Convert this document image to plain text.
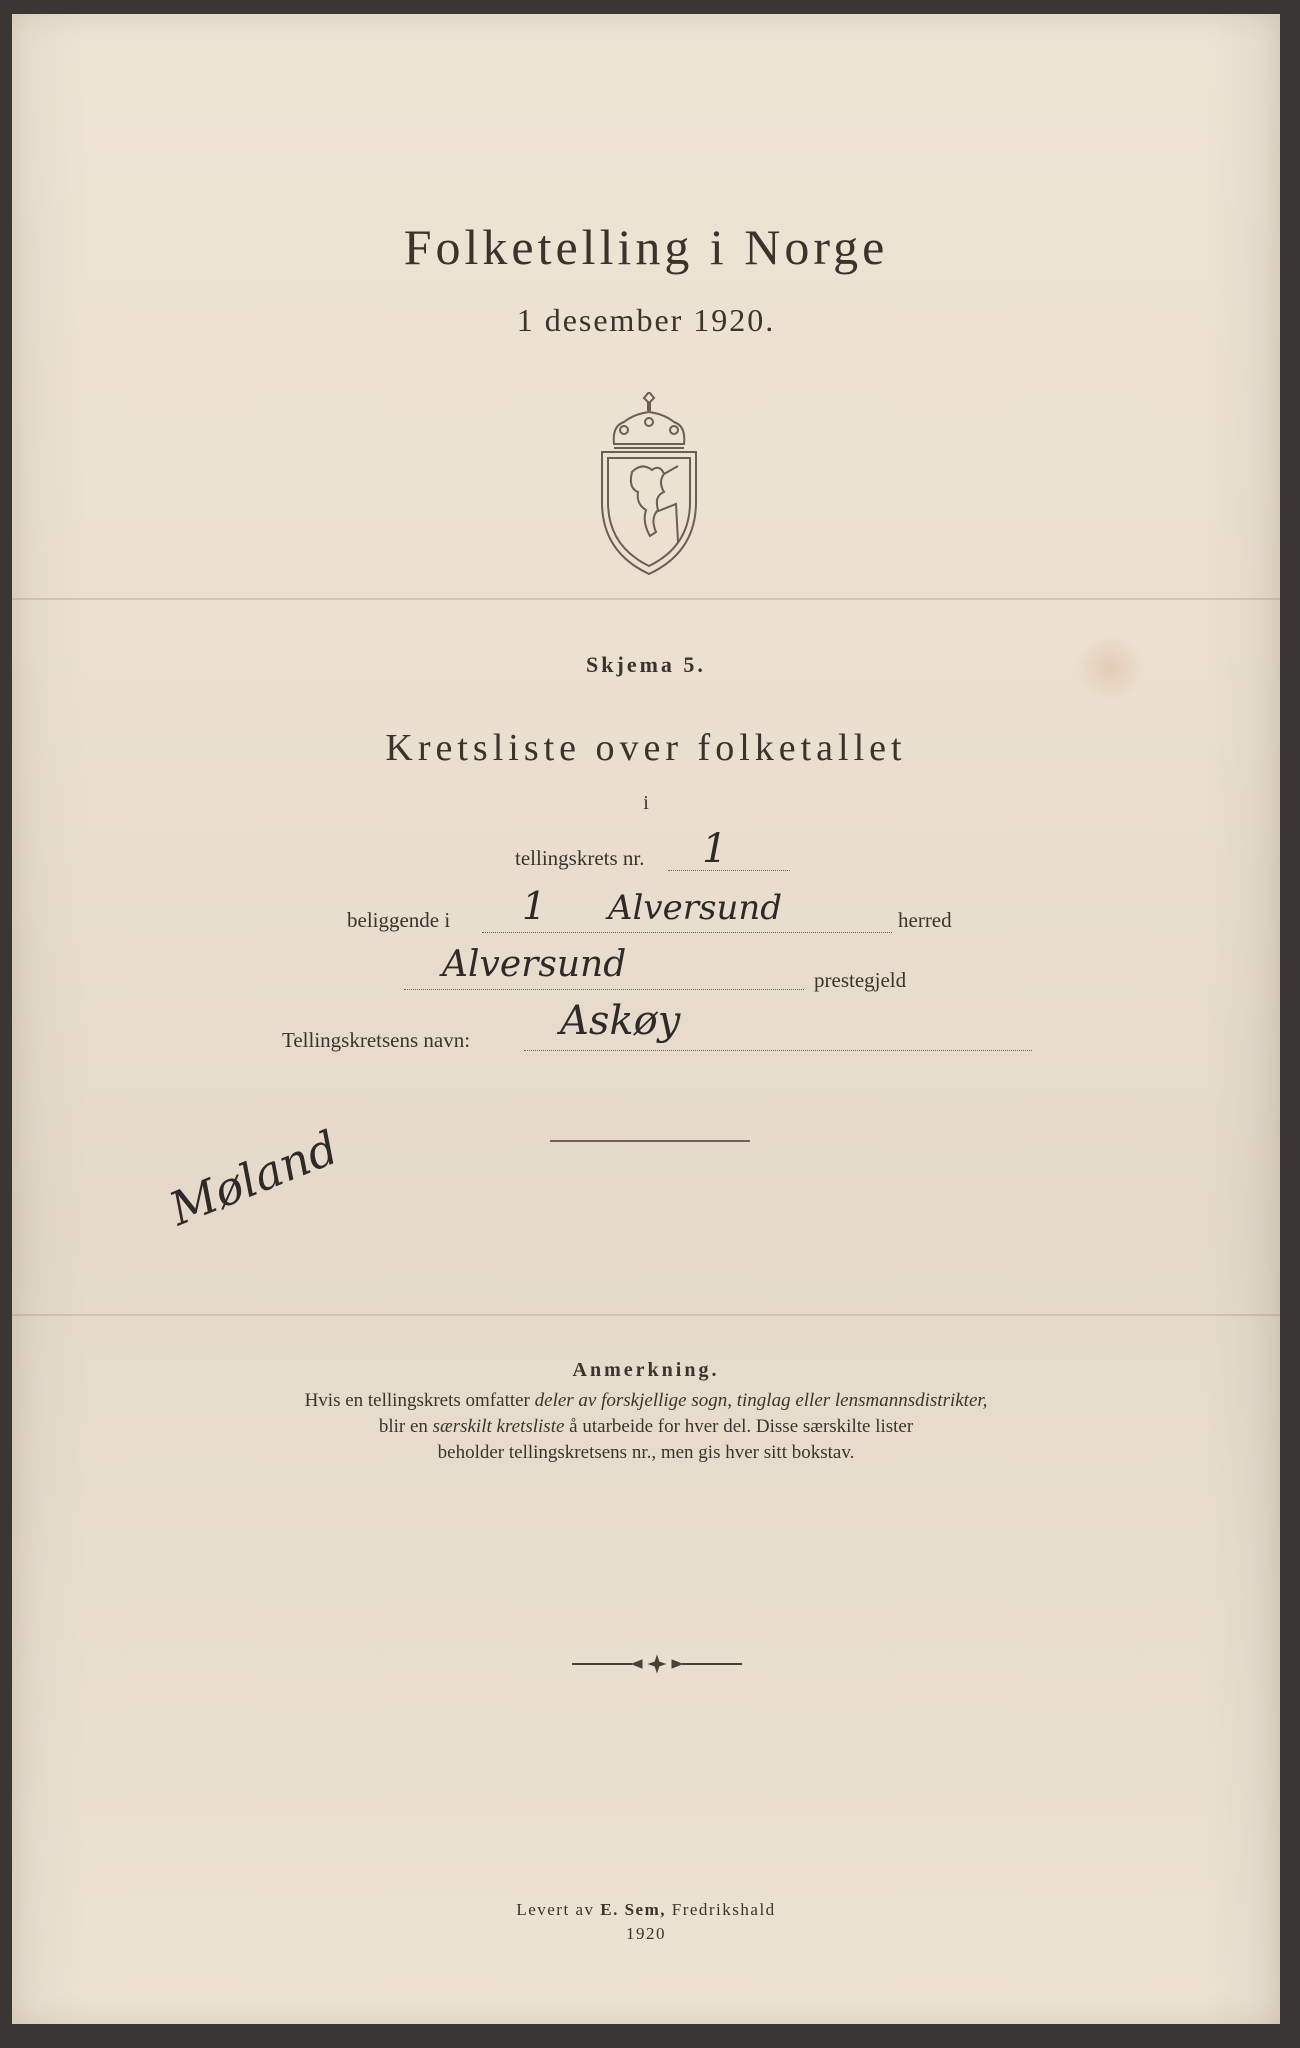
Folketelling i Norge
1 desember 1920.
Skjema 5.
Kretsliste over folketallet
i
tellingskrets nr. 1
beliggende i 1 Alversund	herred
Alversund	prestegjeld
Tellingskretsens navn: Askøy
Møland
Anmerkning.
Hvis en tellingskrets omfatter deler av forskjellige sogn, tinglag eller lensmannsdistrikter,
blir en særskilt kretsliste å utarbeide for hver del. Disse særskilte lister
beholder tellingskretsens nr., men gis hver sitt bokstav.
Levert av E. Sem, Fredrikshald
1920
